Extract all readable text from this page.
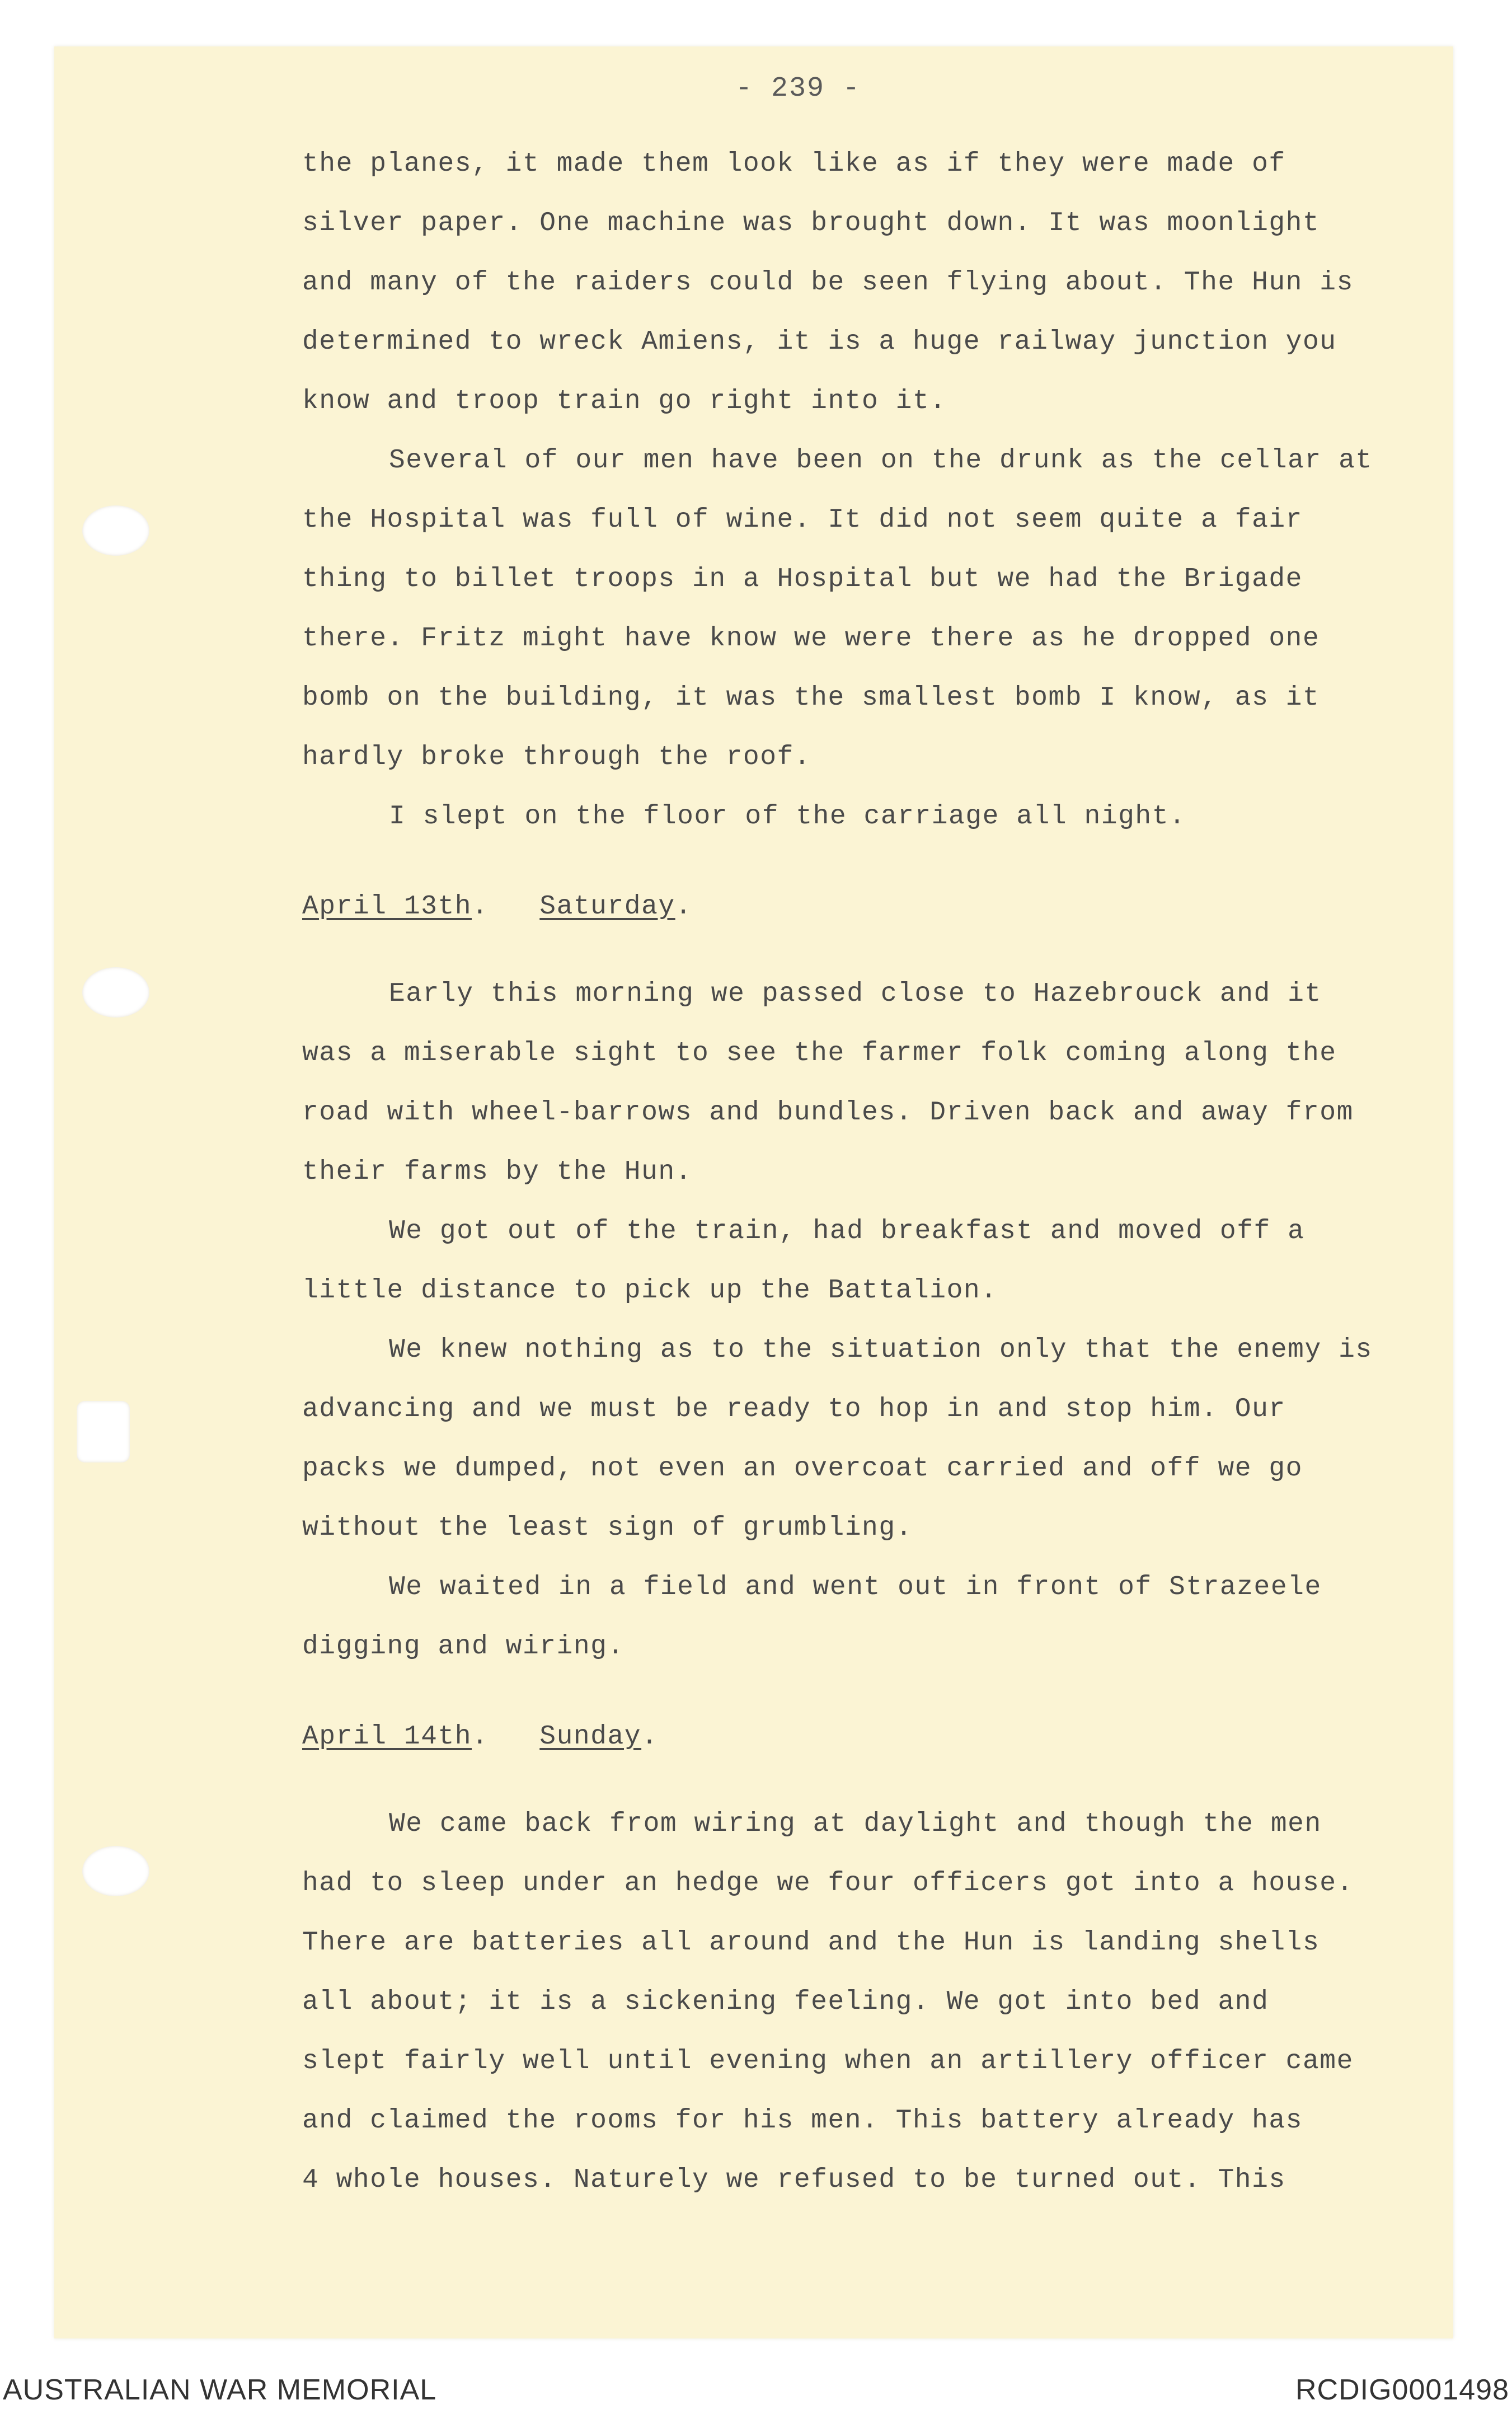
- 239 -
the planes, it made them look like as if they were made of
silver paper. One machine was brought down. It was moonlight
and many of the raiders could be seen flying about. The Hun is
determined to wreck Amiens, it is a huge railway junction you
know and troop train go right into it.
Several of our men have been on the drunk as the cellar at
the Hospital was full of wine. It did not seem quite a fair
thing to billet troops in a Hospital but we had the Brigade
there. Fritz might have know we were there as he dropped one
bomb on the building, it was the smallest bomb I know, as it
hardly broke through the roof.
I slept on the floor of the carriage all night.
April 13th.   Saturday.
Early this morning we passed close to Hazebrouck and it
was a miserable sight to see the farmer folk coming along the
road with wheel-barrows and bundles. Driven back and away from
their farms by the Hun.
We got out of the train, had breakfast and moved off a
little distance to pick up the Battalion.
We knew nothing as to the situation only that the enemy is
advancing and we must be ready to hop in and stop him. Our
packs we dumped, not even an overcoat carried and off we go
without the least sign of grumbling.
We waited in a field and went out in front of Strazeele
digging and wiring.
April 14th.   Sunday.
We came back from wiring at daylight and though the men
had to sleep under an hedge we four officers got into a house.
There are batteries all around and the Hun is landing shells
all about; it is a sickening feeling. We got into bed and
slept fairly well until evening when an artillery officer came
and claimed the rooms for his men. This battery already has
4 whole houses. Naturely we refused to be turned out. This
AUSTRALIAN WAR MEMORIAL	RCDIG0001498
